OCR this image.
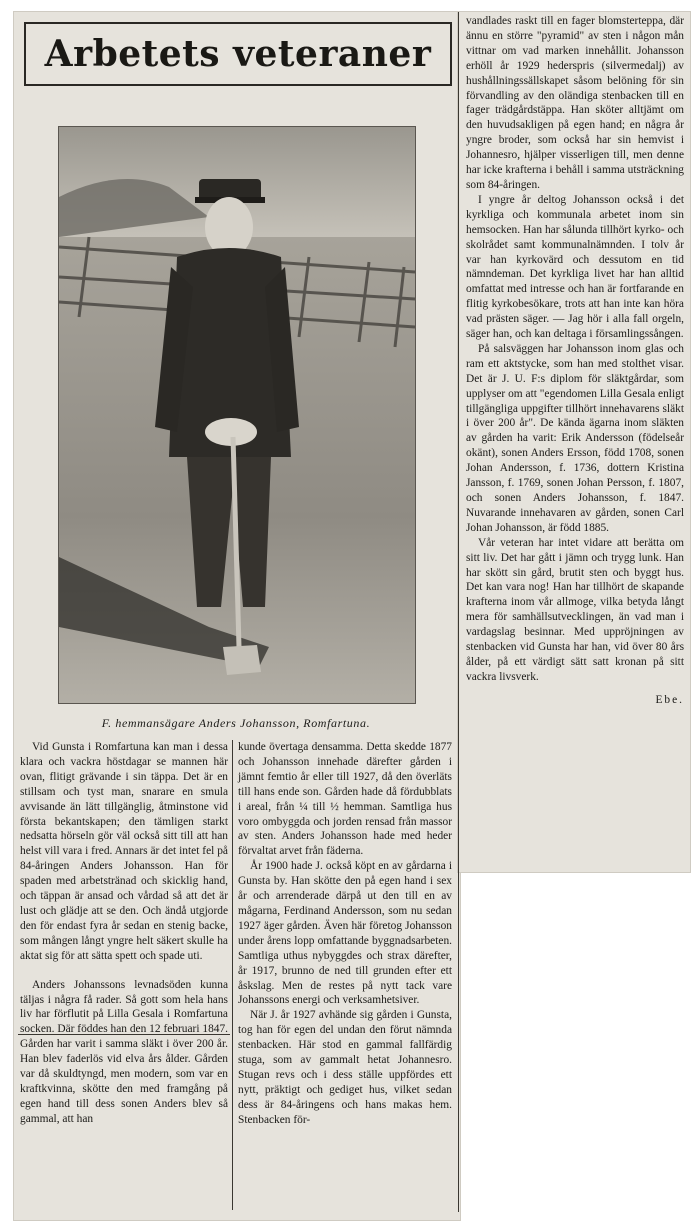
Arbetets veteraner
F. hemmansägare Anders Johansson, Romfartuna.

Vid Gunsta i Romfartuna kan man i dessa klara och vackra höstdagar se mannen här ovan, flitigt grävande i sin täppa. Det är en stillsam och tyst man, snarare en smula avvisande än lätt tillgänglig, åtminstone vid första bekantskapen; den tämligen starkt nedsatta hörseln gör väl också sitt till att han helst vill vara i fred. Annars är det intet fel på 84-åringen Anders Johansson. Han för spaden med arbetstränad och skicklig hand, och täppan är ansad och vårdad så att det är lust och glädje att se den. Och ändå utgjorde den för endast fyra år sedan en stenig backe, som mången långt yngre helt säkert skulle ha aktat sig för att sätta spett och spade uti.

Anders Johanssons levnadsöden kunna täljas i några få rader. Så gott som hela hans liv har förflutit på Lilla Gesala i Romfartuna socken. Där föddes han den 12 februari 1847. Gården har varit i samma släkt i över 200 år. Han blev faderlös vid elva års ålder. Gården var då skuldtyngd, men modern, som var en kraftkvinna, skötte den med framgång på egen hand till dess sonen Anders blev så gammal, att han

kunde övertaga densamma. Detta skedde 1877 och Johansson innehade därefter gården i jämnt femtio år eller till 1927, då den överläts till hans ende son. Gården hade då fördubblats i areal, från ¼ till ½ hemman. Samtliga hus voro ombyggda och jorden rensad från massor av sten. Anders Johansson hade med heder förvaltat arvet från fäderna.

År 1900 hade J. också köpt en av gårdarna i Gunsta by. Han skötte den på egen hand i sex år och arrenderade därpå ut den till en av mågarna, Ferdinand Andersson, som nu sedan 1927 äger gården. Även här företog Johansson under årens lopp omfattande byggnadsarbeten. Samtliga uthus nybyggdes och strax därefter, år 1917, brunno de ned till grunden efter ett åskslag. Men de restes på nytt tack vare Johanssons energi och verksamhetsiver.

När J. år 1927 avhände sig gården i Gunsta, tog han för egen del undan den förut nämnda stenbacken. Här stod en gammal fallfärdig stuga, som av gammalt hetat Johannesro. Stugan revs och i dess ställe uppfördes ett nytt, präktigt och gediget hus, vilket sedan dess är 84-åringens och hans makas hem. Stenbacken för-

vandlades raskt till en fager blomsterteppa, där ännu en större "pyramid" av sten i någon mån vittnar om vad marken innehållit. Johansson erhöll år 1929 hederspris (silvermedalj) av hushållningssällskapet såsom belöning för sin förvandling av den oländiga stenbacken till en fager trädgårdstäppa. Han sköter alltjämt om den huvudsakligen på egen hand; en några år yngre broder, som också har sin hemvist i Johannesro, hjälper visserligen till, men denne har icke krafterna i behåll i samma utsträckning som 84-åringen.

I yngre år deltog Johansson också i det kyrkliga och kommunala arbetet inom sin hemsocken. Han har sålunda tillhört kyrko- och skolrådet samt kommunalnämnden. I tolv år var han kyrkovärd och dessutom en tid nämndeman. Det kyrkliga livet har han alltid omfattat med intresse och han är fortfarande en flitig kyrkobesökare, trots att han inte kan höra vad prästen säger. — Jag hör i alla fall orgeln, säger han, och kan deltaga i församlingssången.

På salsväggen har Johansson inom glas och ram ett aktstycke, som han med stolthet visar. Det är J. U. F:s diplom för släktgårdar, som upplyser om att "egendomen Lilla Gesala enligt tillgängliga uppgifter tillhört innehavarens släkt i över 200 år". De kända ägarna inom släkten av gården ha varit: Erik Andersson (födelseår okänt), sonen Anders Ersson, född 1708, sonen Johan Andersson, f. 1736, dottern Kristina Jansson, f. 1769, sonen Johan Persson, f. 1807, och sonen Anders Johansson, f. 1847. Nuvarande innehavaren av gården, sonen Carl Johan Johansson, är född 1885.

Vår veteran har intet vidare att berätta om sitt liv. Det har gått i jämn och trygg lunk. Han har skött sin gård, brutit sten och byggt hus. Det kan vara nog! Han har tillhört de skapande krafterna inom vår allmoge, vilka betyda långt mera för samhällsutvecklingen, än vad man i vardagslag besinnar. Med uppröjningen av stenbacken vid Gunsta har han, vid över 80 års ålder, på ett värdigt sätt satt kronan på sitt vackra livsverk.

Ebe.
